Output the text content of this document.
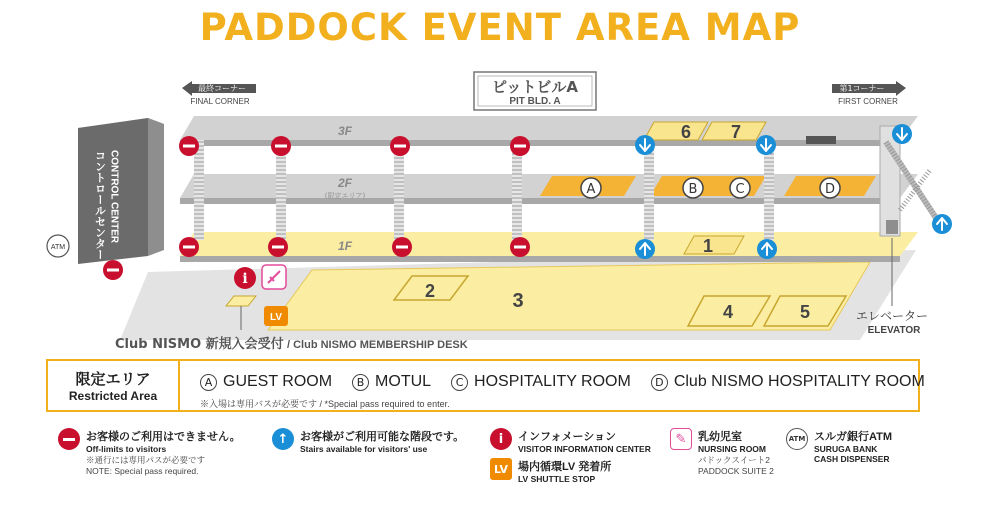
PADDOCK EVENT AREA MAP
最終コーナー
FINAL CORNER
第1コーナー
FIRST CORNER
ピットビルA
PIT BLD. A
コントロールセンター CONTROL CENTER
2	3	4	5
3F	6 7
2F
(限定エリア)
1F	1
A	B	C	D
エレベーター
ELEVATOR
ATM
i
LV
Club NISMO 新規入会受付 / Club NISMO MEMBERSHIP DESK
限定エリア
Restricted Area
A GUEST ROOM	B MOTUL	C HOSPITALITY ROOM	D Club NISMO HOSPITALITY ROOM
※入場は専用バスが必要です / *Special pass required to enter.
お客様のご利用はできません。
Off-limits to visitors
※通行には専用パスが必要です
NOTE: Special pass required.
↑	お客様がご利用可能な階段です。
Stairs available for visitors' use
i	インフォメーション
VISITOR INFORMATION CENTER
LV 場内循環LV 発着所
LV SHUTTLE STOP
✎	乳幼児室
NURSING ROOM
パドックスイート2
PADDOCK SUITE 2
ATM スルガ銀行ATM
SURUGA BANK
CASH DISPENSER
